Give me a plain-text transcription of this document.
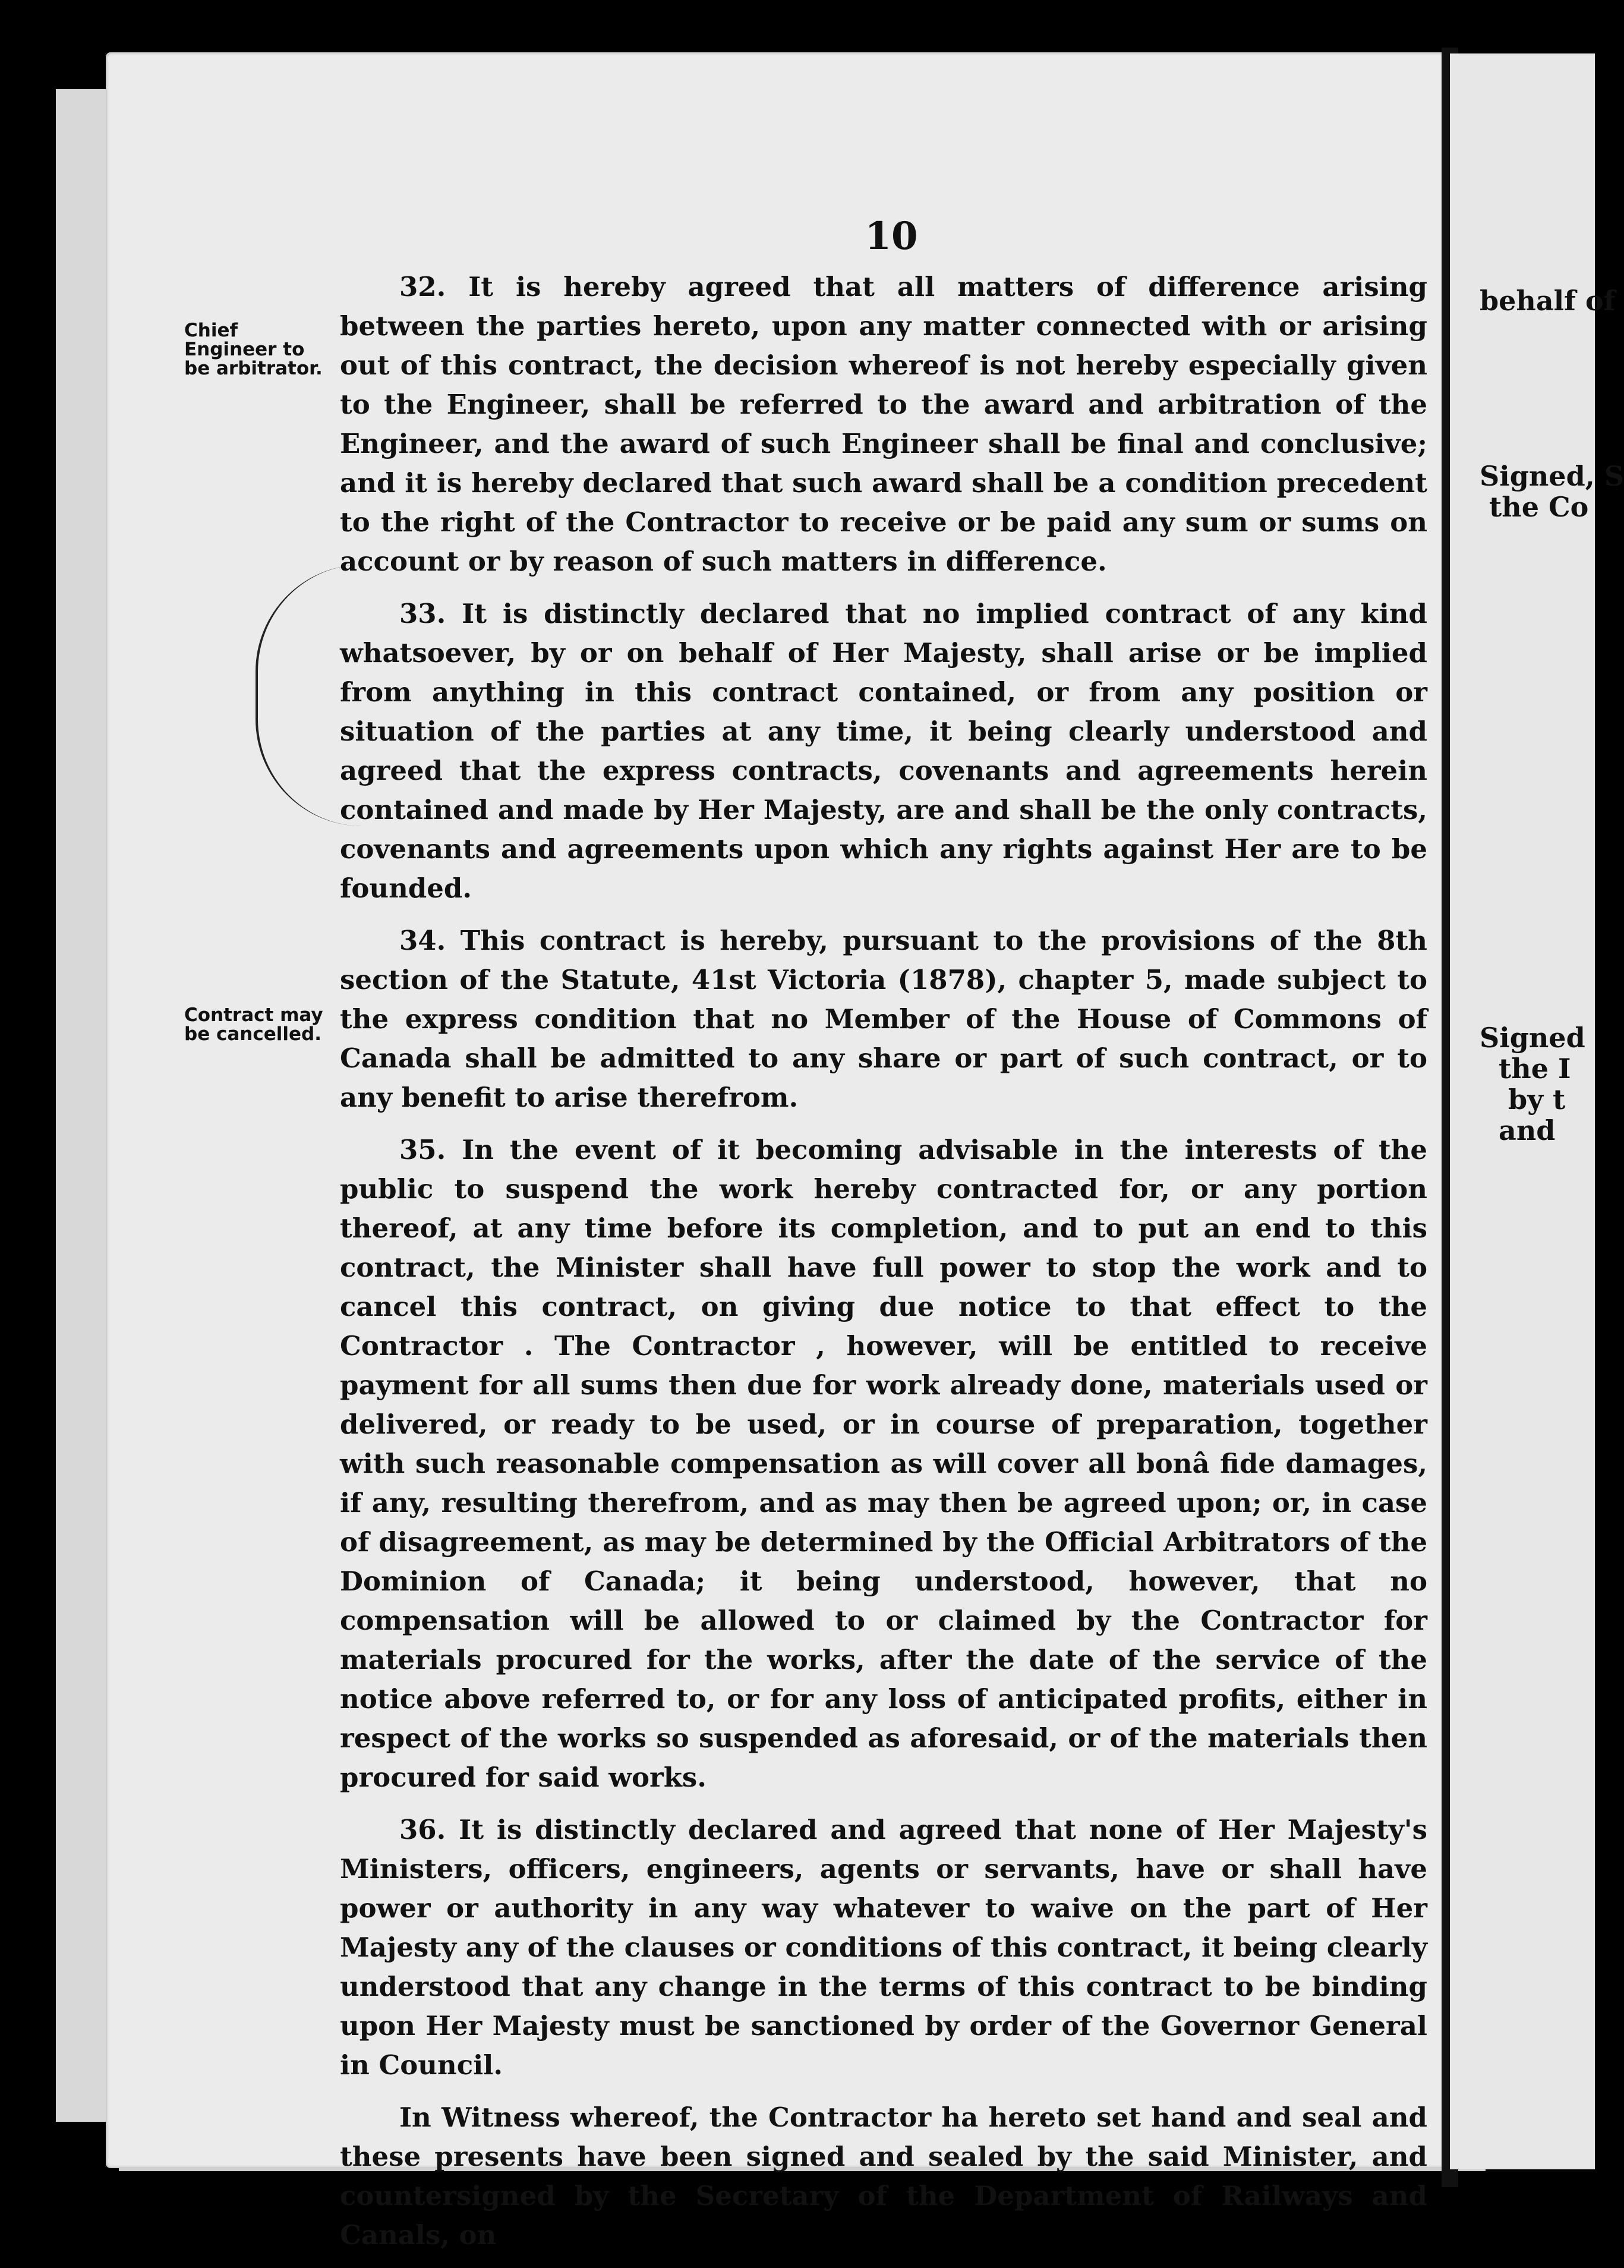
10
Chief Engineer to be arbitrator.
Contract may be cancelled.

32. It is hereby agreed that all matters of difference arising between the parties hereto, upon any matter connected with or arising out of this contract, the decision whereof is not hereby especially given to the Engineer, shall be referred to the award and arbitration of the Engineer, and the award of such Engineer shall be final and conclusive; and it is hereby declared that such award shall be a condition precedent to the right of the Contractor to receive or be paid any sum or sums on account or by reason of such matters in difference.

33. It is distinctly declared that no implied contract of any kind whatsoever, by or on behalf of Her Majesty, shall arise or be implied from anything in this contract contained, or from any position or situation of the parties at any time, it being clearly understood and agreed that the express contracts, covenants and agreements herein contained and made by Her Majesty, are and shall be the only contracts, covenants and agreements upon which any rights against Her are to be founded.

34. This contract is hereby, pursuant to the provisions of the 8th section of the Statute, 41st Victoria (1878), chapter 5, made subject to the express condition that no Member of the House of Commons of Canada shall be admitted to any share or part of such contract, or to any benefit to arise therefrom.

35. In the event of it becoming advisable in the interests of the public to suspend the work hereby contracted for, or any portion thereof, at any time before its completion, and to put an end to this contract, the Minister shall have full power to stop the work and to cancel this contract, on giving due notice to that effect to the Contractor . The Contractor , however, will be entitled to receive payment for all sums then due for work already done, materials used or delivered, or ready to be used, or in course of preparation, together with such reasonable compensation as will cover all bonâ fide damages, if any, resulting therefrom, and as may then be agreed upon; or, in case of disagreement, as may be determined by the Official Arbitrators of the Dominion of Canada; it being understood, however, that no compensation will be allowed to or claimed by the Contractor for materials procured for the works, after the date of the service of the notice above referred to, or for any loss of anticipated profits, either in respect of the works so suspended as aforesaid, or of the materials then procured for said works.

36. It is distinctly declared and agreed that none of Her Majesty's Ministers, officers, engineers, agents or servants, have or shall have power or authority in any way whatever to waive on the part of Her Majesty any of the clauses or conditions of this contract, it being clearly understood that any change in the terms of this contract to be binding upon Her Majesty must be sanctioned by order of the Governor General in Council.

In Witness whereof, the Contractor ha hereto set hand and seal and these presents have been signed and sealed by the said Minister, and countersigned by the Secretary of the Department of Railways and Canals, on

behalf of
Signed, S
the Co
Signed
the I
by t
and
